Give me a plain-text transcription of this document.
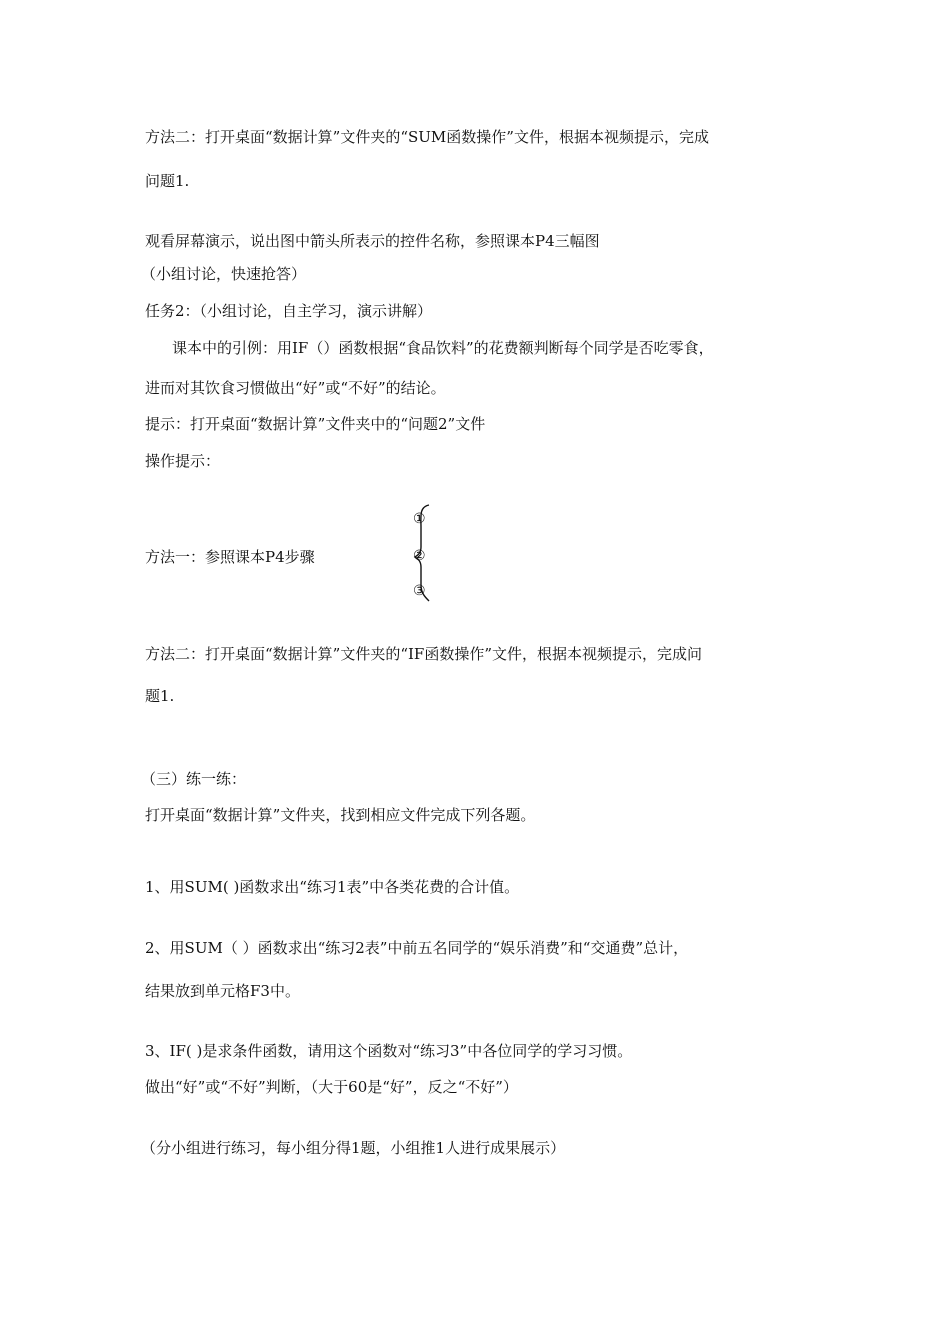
方法二：打开桌面“数据计算”文件夹的“SUM函数操作”文件，根据本视频提示，完成
问题1.
观看屏幕演示，说出图中箭头所表示的控件名称，参照课本P4三幅图
（小组讨论，快速抢答）
任务2：（小组讨论，自主学习，演示讲解）
课本中的引例：用IF（）函数根据“食品饮料”的花费额判断每个同学是否吃零食，
进而对其饮食习惯做出“好”或“不好”的结论。
提示：打开桌面“数据计算”文件夹中的“问题2”文件
操作提示：
方法一：参照课本P4步骤
①
②
③
方法二：打开桌面“数据计算”文件夹的“IF函数操作”文件，根据本视频提示，完成问
题1.
（三）练一练：
打开桌面“数据计算”文件夹，找到相应文件完成下列各题。
1、用SUM( )函数求出“练习1表”中各类花费的合计值。
2、用SUM（ ）函数求出“练习2表”中前五名同学的“娱乐消费”和“交通费”总计，
结果放到单元格F3中。
3、IF( )是求条件函数，请用这个函数对“练习3”中各位同学的学习习惯。
做出“好”或“不好”判断，（大于60是“好”，反之“不好”）
（分小组进行练习，每小组分得1题，小组推1人进行成果展示）
